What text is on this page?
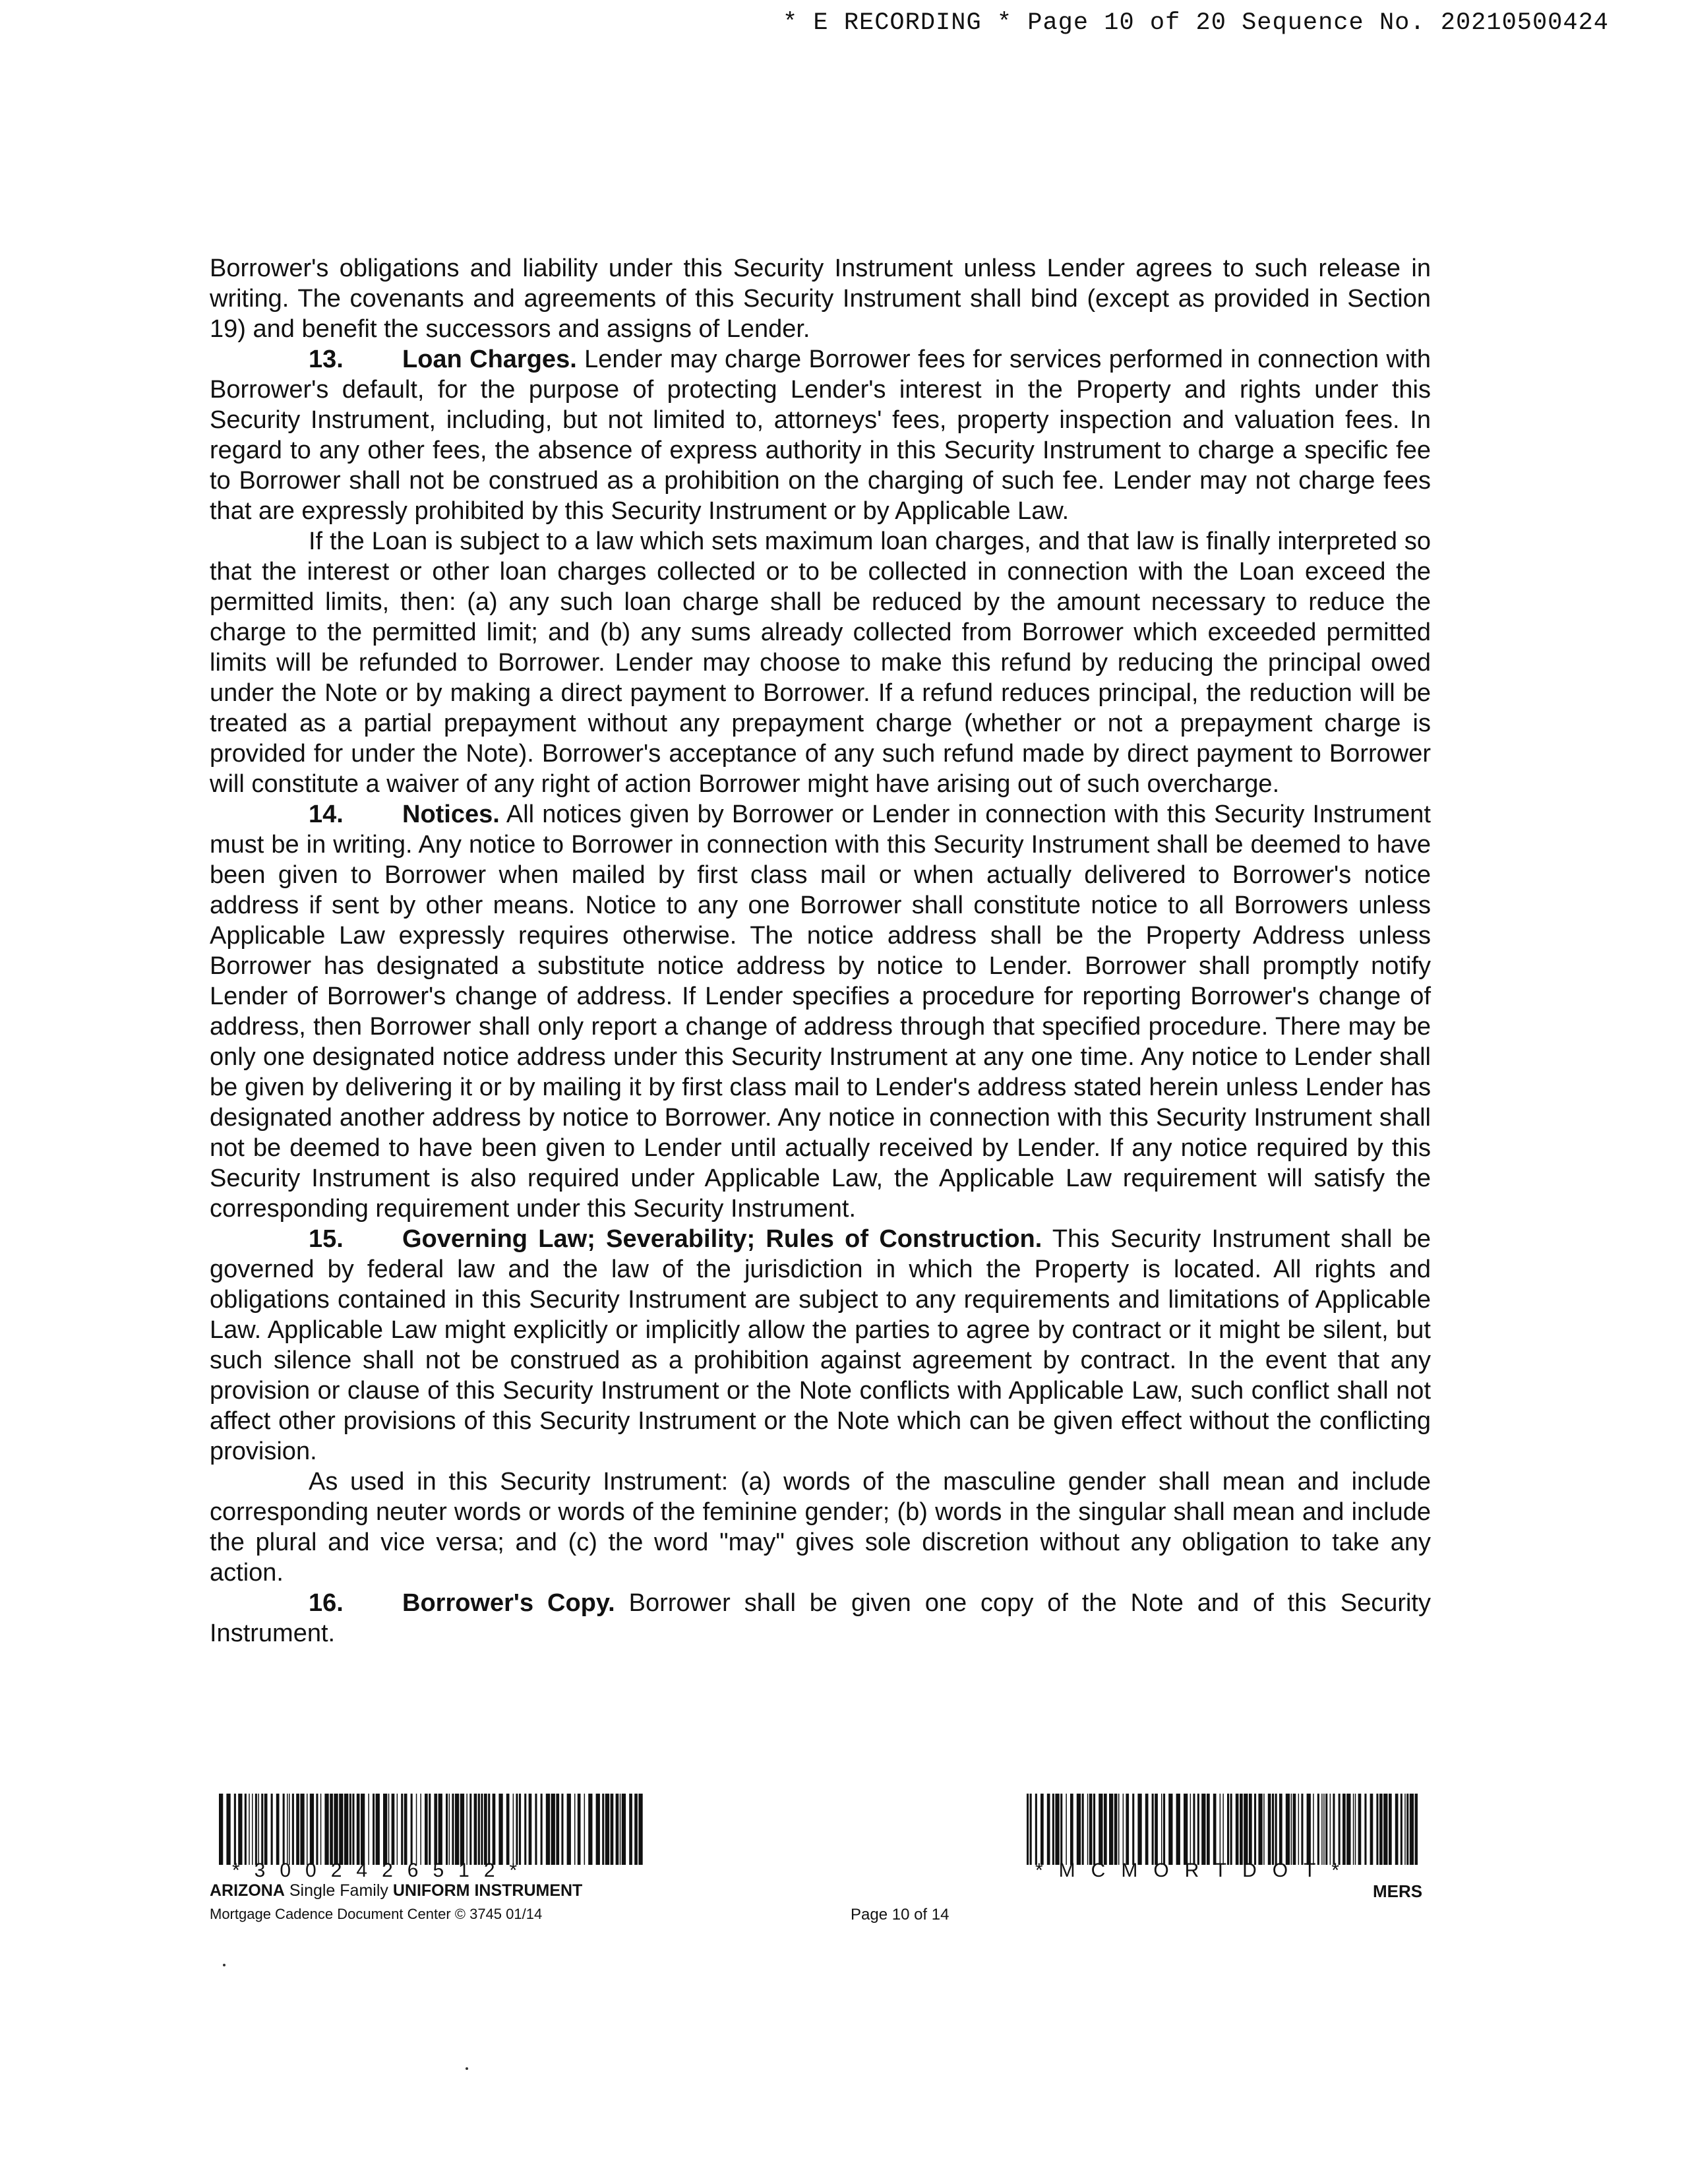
* E RECORDING * Page 10 of 20 Sequence No. 20210500424

Borrower's obligations and liability under this Security Instrument unless Lender agrees to such release in writing. The covenants and agreements of this Security Instrument shall bind (except as provided in Section 19) and benefit the successors and assigns of Lender.

13. Loan Charges. Lender may charge Borrower fees for services performed in connection with Borrower's default, for the purpose of protecting Lender's interest in the Property and rights under this Security Instrument, including, but not limited to, attorneys' fees, property inspection and valuation fees. In regard to any other fees, the absence of express authority in this Security Instrument to charge a specific fee to Borrower shall not be construed as a prohibition on the charging of such fee. Lender may not charge fees that are expressly prohibited by this Security Instrument or by Applicable Law.

If the Loan is subject to a law which sets maximum loan charges, and that law is finally interpreted so that the interest or other loan charges collected or to be collected in connection with the Loan exceed the permitted limits, then: (a) any such loan charge shall be reduced by the amount necessary to reduce the charge to the permitted limit; and (b) any sums already collected from Borrower which exceeded permitted limits will be refunded to Borrower. Lender may choose to make this refund by reducing the principal owed under the Note or by making a direct payment to Borrower. If a refund reduces principal, the reduction will be treated as a partial prepayment without any prepayment charge (whether or not a prepayment charge is provided for under the Note). Borrower's acceptance of any such refund made by direct payment to Borrower will constitute a waiver of any right of action Borrower might have arising out of such overcharge.

14. Notices. All notices given by Borrower or Lender in connection with this Security Instrument must be in writing. Any notice to Borrower in connection with this Security Instrument shall be deemed to have been given to Borrower when mailed by first class mail or when actually delivered to Borrower's notice address if sent by other means. Notice to any one Borrower shall constitute notice to all Borrowers unless Applicable Law expressly requires otherwise. The notice address shall be the Property Address unless Borrower has designated a substitute notice address by notice to Lender. Borrower shall promptly notify Lender of Borrower's change of address. If Lender specifies a procedure for reporting Borrower's change of address, then Borrower shall only report a change of address through that specified procedure. There may be only one designated notice address under this Security Instrument at any one time. Any notice to Lender shall be given by delivering it or by mailing it by first class mail to Lender's address stated herein unless Lender has designated another address by notice to Borrower. Any notice in connection with this Security Instrument shall not be deemed to have been given to Lender until actually received by Lender. If any notice required by this Security Instrument is also required under Applicable Law, the Applicable Law requirement will satisfy the corresponding requirement under this Security Instrument.

15. Governing Law; Severability; Rules of Construction. This Security Instrument shall be governed by federal law and the law of the jurisdiction in which the Property is located. All rights and obligations contained in this Security Instrument are subject to any requirements and limitations of Applicable Law. Applicable Law might explicitly or implicitly allow the parties to agree by contract or it might be silent, but such silence shall not be construed as a prohibition against agreement by contract. In the event that any provision or clause of this Security Instrument or the Note conflicts with Applicable Law, such conflict shall not affect other provisions of this Security Instrument or the Note which can be given effect without the conflicting provision.

As used in this Security Instrument: (a) words of the masculine gender shall mean and include corresponding neuter words or words of the feminine gender; (b) words in the singular shall mean and include the plural and vice versa; and (c) the word "may" gives sole discretion without any obligation to take any action.

16. Borrower's Copy. Borrower shall be given one copy of the Note and of this Security Instrument.

*3002426512*	*MCMORTDOT*
ARIZONA Single Family UNIFORM INSTRUMENT
Mortgage Cadence Document Center © 3745 01/14	Page 10 of 14
MERS
